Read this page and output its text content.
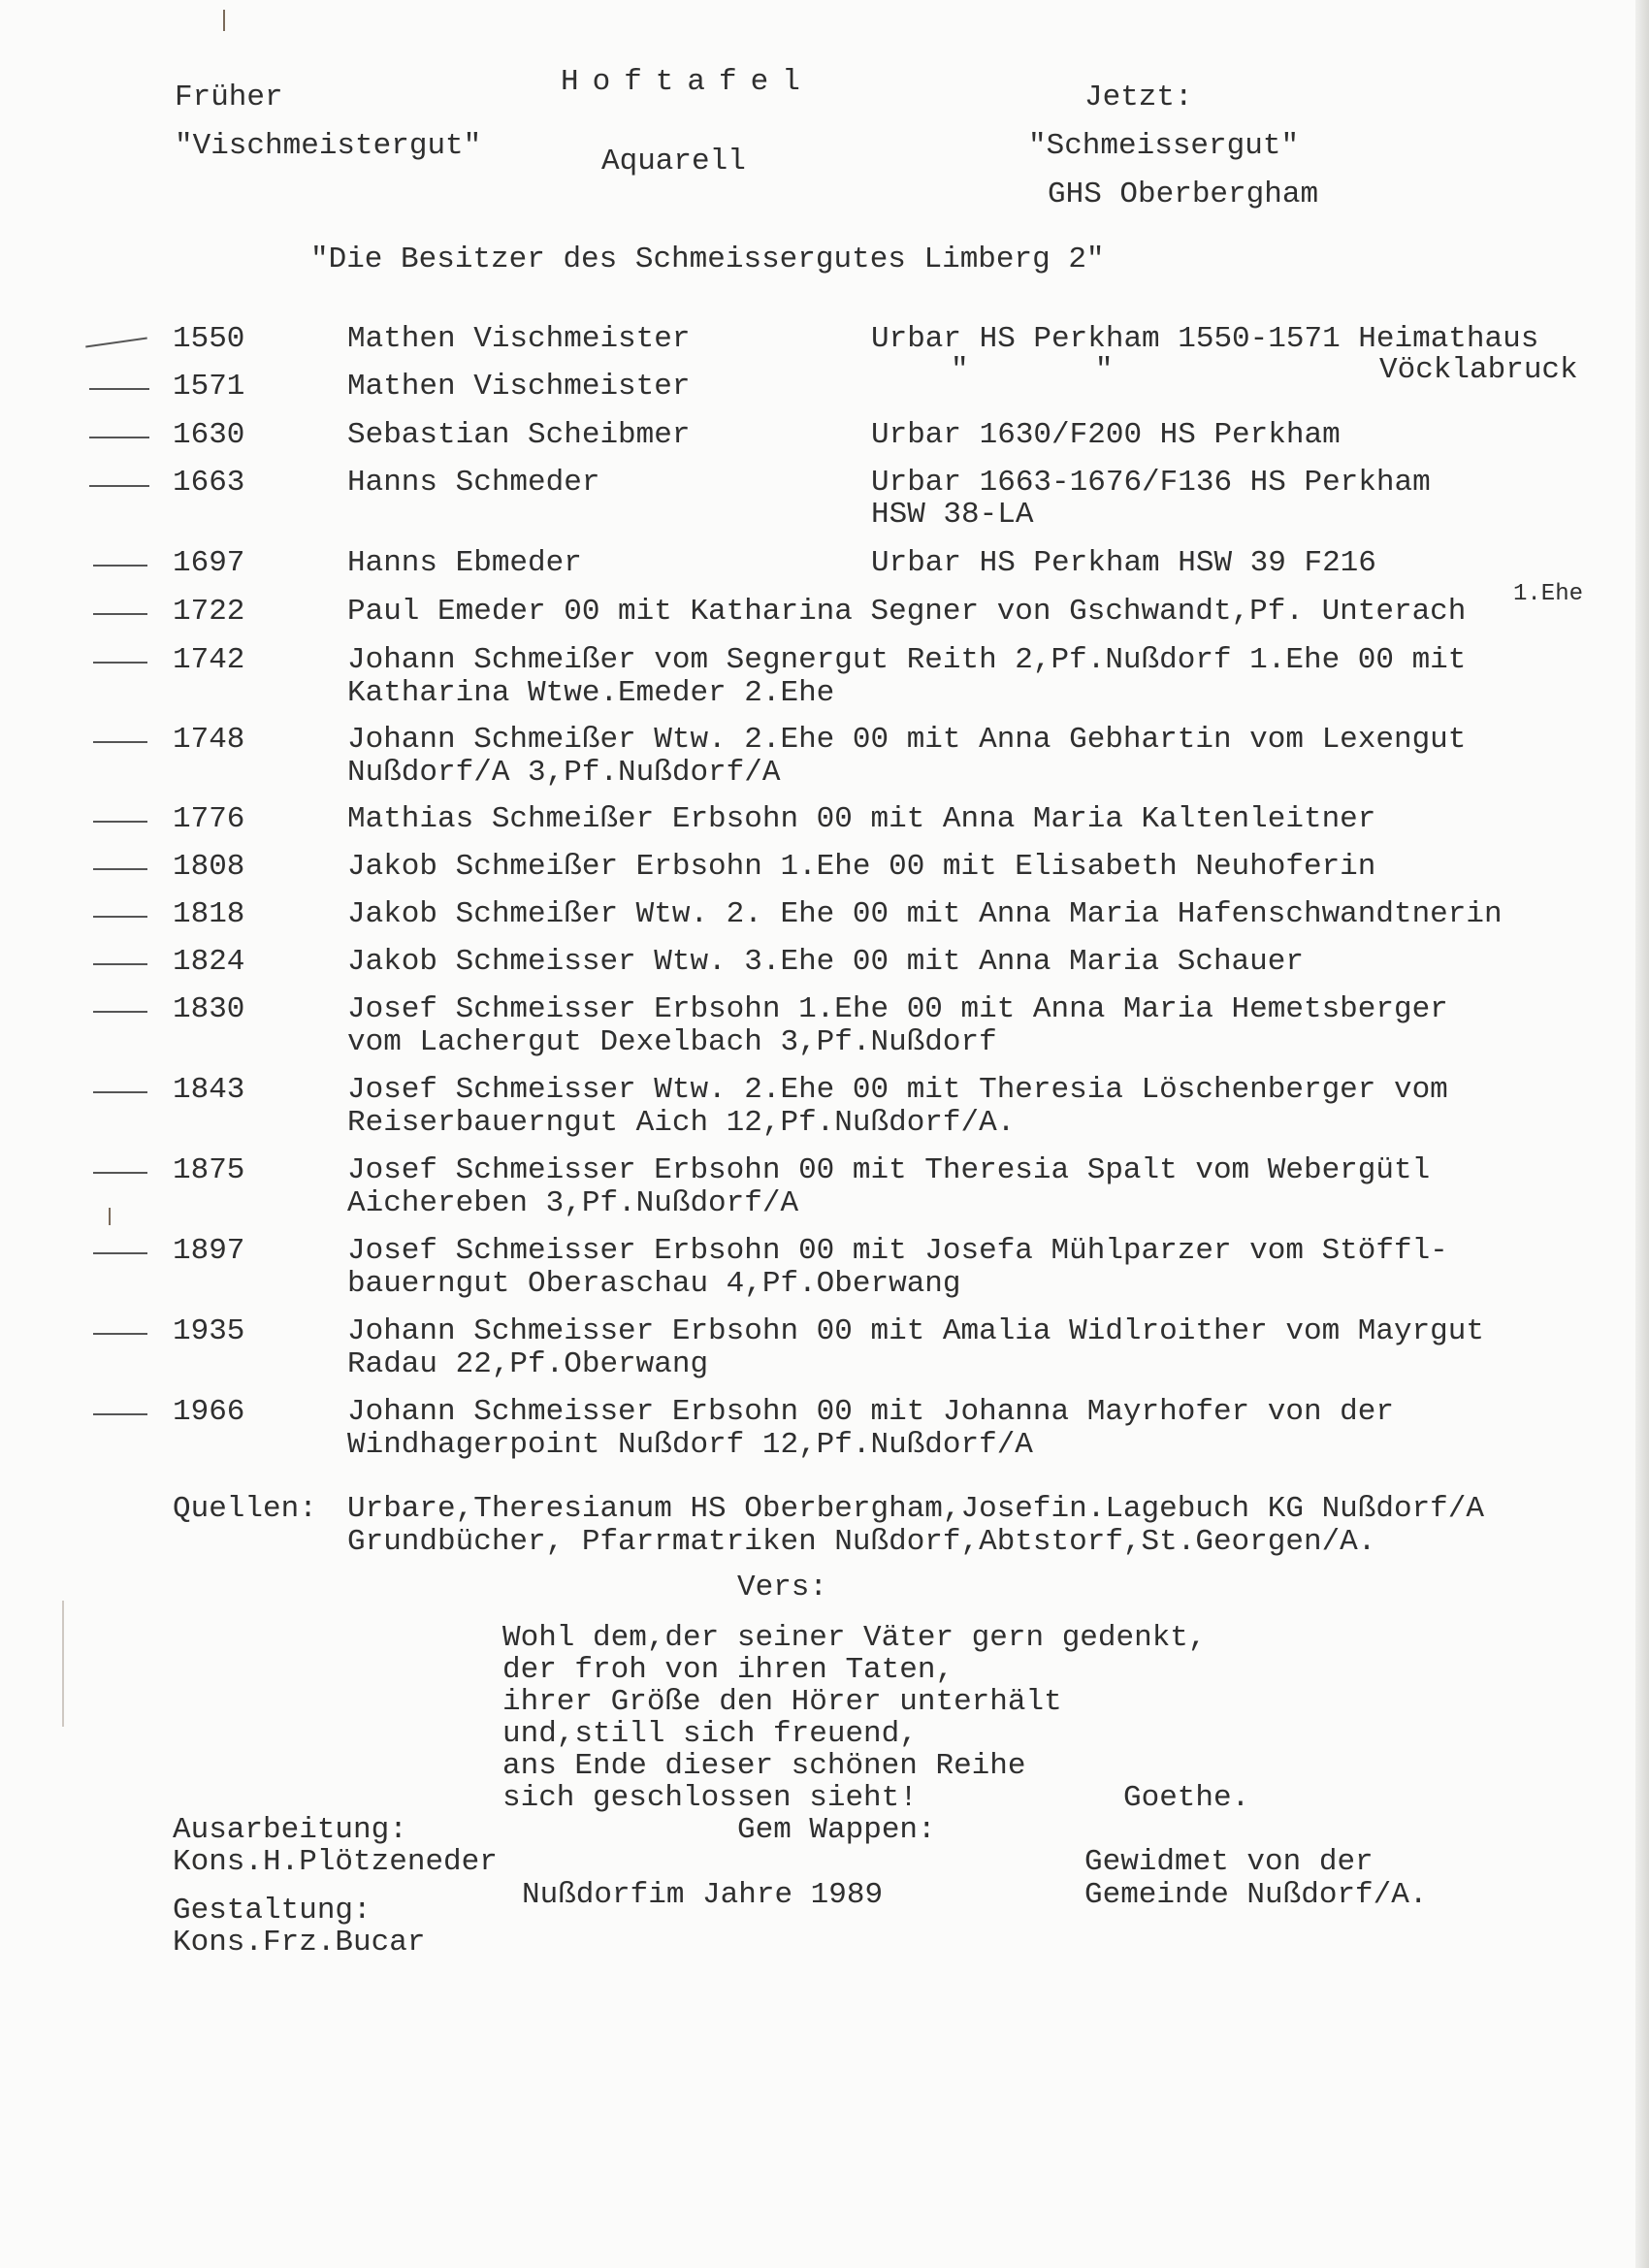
Früher
"Vischmeistergut"
Hoftafel
Aquarell
Jetzt:
"Schmeissergut"
GHS Oberbergham
"Die Besitzer des Schmeissergutes Limberg 2"
1550	Mathen Vischmeister	Urbar HS Perkham 1550-1571 Heimathaus
1571	Mathen Vischmeister	"       "	Vöcklabruck
1630	Sebastian Scheibmer	Urbar 1630/F200 HS Perkham
1663	Hanns Schmeder	Urbar 1663-1676/F136 HS Perkham
HSW 38-LA
1697	Hanns Ebmeder	Urbar HS Perkham HSW 39 F216
1722	Paul Emeder 00 mit Katharina Segner von Gschwandt,Pf. Unterach
1.Ehe
1742	Johann Schmeißer vom Segnergut Reith 2,Pf.Nußdorf 1.Ehe 00 mit
Katharina Wtwe.Emeder 2.Ehe
1748	Johann Schmeißer Wtw. 2.Ehe 00 mit Anna Gebhartin vom Lexengut
Nußdorf/A 3,Pf.Nußdorf/A
1776	Mathias Schmeißer Erbsohn 00 mit Anna Maria Kaltenleitner
1808	Jakob Schmeißer Erbsohn 1.Ehe 00 mit Elisabeth Neuhoferin
1818	Jakob Schmeißer Wtw. 2. Ehe 00 mit Anna Maria Hafenschwandtnerin
1824	Jakob Schmeisser Wtw. 3.Ehe 00 mit Anna Maria Schauer
1830	Josef Schmeisser Erbsohn 1.Ehe 00 mit Anna Maria Hemetsberger
vom Lachergut Dexelbach 3,Pf.Nußdorf
1843	Josef Schmeisser Wtw. 2.Ehe 00 mit Theresia Löschenberger vom
Reiserbauerngut Aich 12,Pf.Nußdorf/A.
1875	Josef Schmeisser Erbsohn 00 mit Theresia Spalt vom Webergütl
Aichereben 3,Pf.Nußdorf/A
1897	Josef Schmeisser Erbsohn 00 mit Josefa Mühlparzer vom Stöffl-
bauerngut Oberaschau 4,Pf.Oberwang
1935	Johann Schmeisser Erbsohn 00 mit Amalia Widlroither vom Mayrgut
Radau 22,Pf.Oberwang
1966	Johann Schmeisser Erbsohn 00 mit Johanna Mayrhofer von der
Windhagerpoint Nußdorf 12,Pf.Nußdorf/A
Quellen: Urbare,Theresianum HS Oberbergham,Josefin.Lagebuch KG Nußdorf/A
Grundbücher, Pfarrmatriken Nußdorf,Abtstorf,St.Georgen/A.
Vers:
Wohl dem,der seiner Väter gern gedenkt,
der froh von ihren Taten,
ihrer Größe den Hörer unterhält
und,still sich freuend,
ans Ende dieser schönen Reihe
sich geschlossen sieht!	Goethe.
Ausarbeitung:
Kons.H.Plötzeneder
Gem Wappen:
Nußdorfim Jahre 1989
Gewidmet von der
Gemeinde Nußdorf/A.
Gestaltung:
Kons.Frz.Bucar
